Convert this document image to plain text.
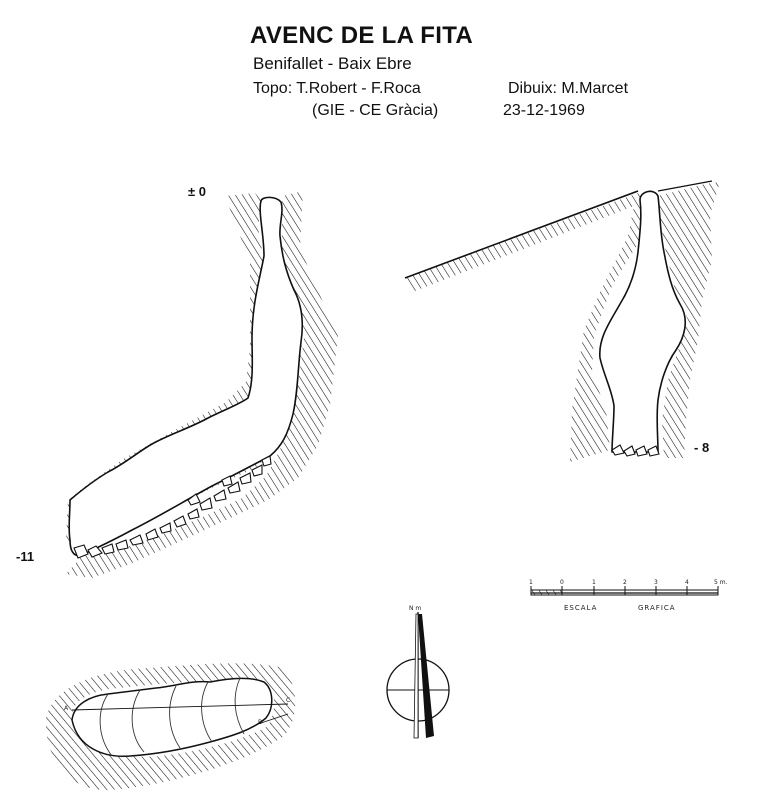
AVENC DE LA FITA
Benifallet - Baix Ebre
Topo: T.Robert - F.Roca	Dibuix: M.Marcet
(GIE - CE Gràcia)	23-12-1969
± 0
-11
- 8
1	0	1	2	3	4	5 m.
ESCALA	GRAFICA
N m
A
B
C
